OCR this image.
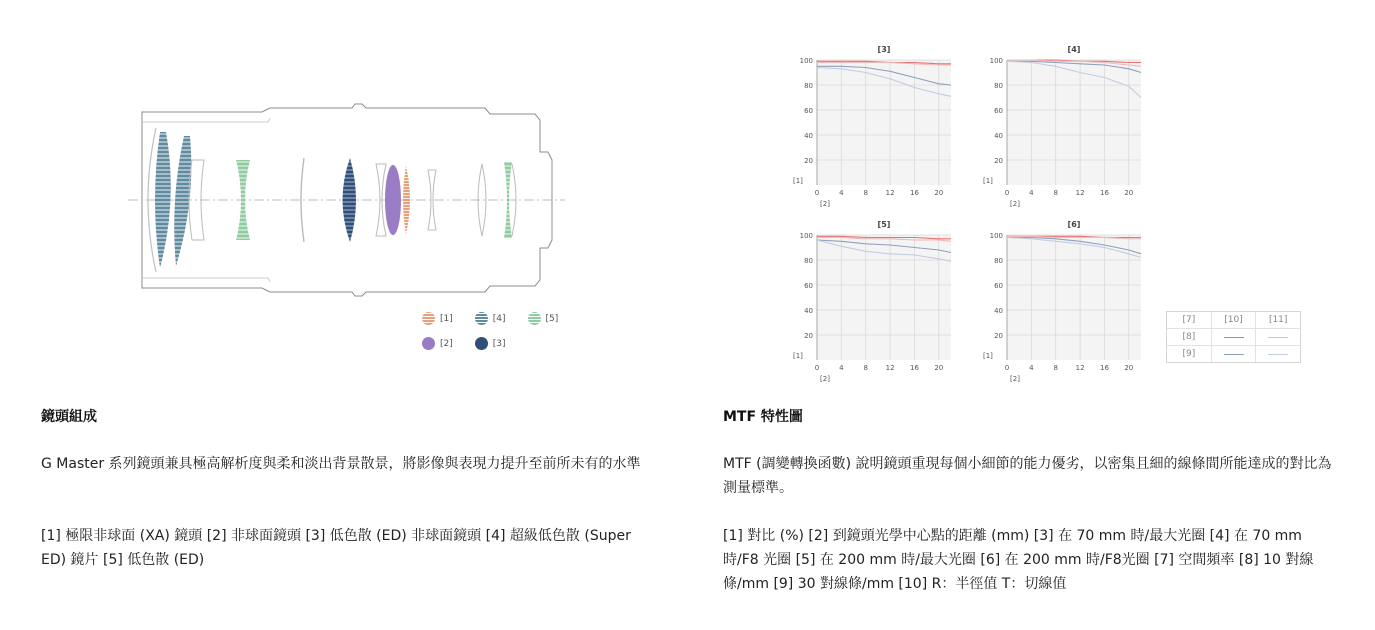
[1]	[4]	[5]
[2]	[3]
鏡頭組成
G Master 系列鏡頭兼具極高解析度與柔和淡出背景散景，將影像與表現力提升至前所未有的水準
[1] 極限非球面 (XA) 鏡頭 [2] 非球面鏡頭 [3] 低色散 (ED) 非球面鏡頭 [4] 超級低色散 (Super ED) 鏡片 [5] 低色散 (ED)
20
40
60
80
100
0	4	8	12 16 20
[3]
[1]
[2]
20
40
60
80
100
0	4	8	12 16 20
[4]
[1]
[2]
20
40
60
80
100
0	4	8	12 16 20
[5]
[1]
[2]
20
40
60
80
100
0	4	8	12 16 20
[6]
[1]
[2]
[7]	[10]	[11]
[8]
[9]
MTF 特性圖
MTF (調變轉換函數) 說明鏡頭重現每個小細節的能力優劣，以密集且細的線條間所能達成的對比為測量標準。
[1] 對比 (%) [2] 到鏡頭光學中心點的距離 (mm) [3] 在 70 mm 時/最大光圈 [4] 在 70 mm 時/F8 光圈 [5] 在 200 mm 時/最大光圈 [6] 在 200 mm 時/F8光圈 [7] 空間頻率 [8] 10 對線條/mm [9] 30 對線條/mm [10] R：半徑值 T：切線值
